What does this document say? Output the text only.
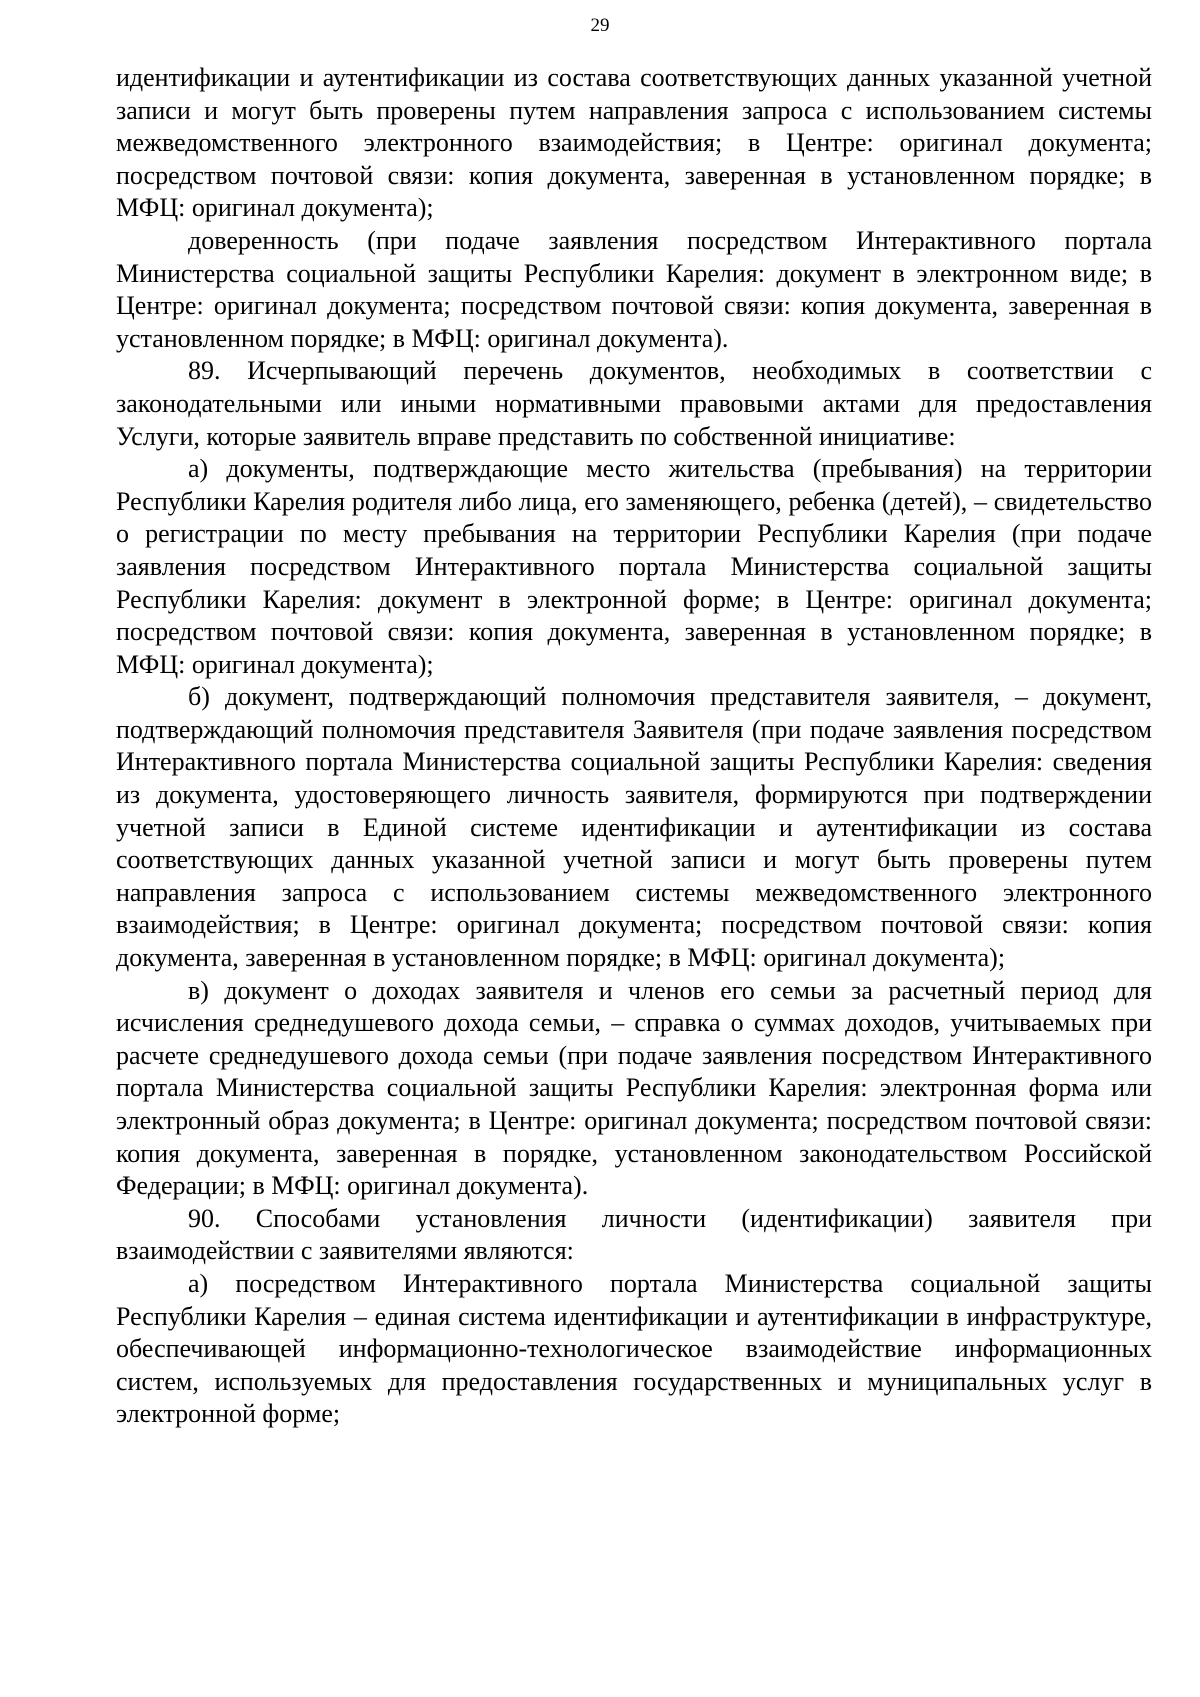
29

идентификации и аутентификации из состава соответствующих данных указанной учетной записи и могут быть проверены путем направления запроса с использованием системы межведомственного электронного взаимодействия; в Центре: оригинал документа; посредством почтовой связи: копия документа, заверенная в установленном порядке; в МФЦ: оригинал документа);

доверенность (при подаче заявления посредством Интерактивного портала Министерства социальной защиты Республики Карелия: документ в электронном виде; в Центре: оригинал документа; посредством почтовой связи: копия документа, заверенная в установленном порядке; в МФЦ: оригинал документа).

89. Исчерпывающий перечень документов, необходимых в соответствии с законодательными или иными нормативными правовыми актами для предоставления Услуги, которые заявитель вправе представить по собственной инициативе:

а) документы, подтверждающие место жительства (пребывания) на территории Республики Карелия родителя либо лица, его заменяющего, ребенка (детей), – свидетельство о регистрации по месту пребывания на территории Республики Карелия (при подаче заявления посредством Интерактивного портала Министерства социальной защиты Республики Карелия: документ в электронной форме; в Центре: оригинал документа; посредством почтовой связи: копия документа, заверенная в установленном порядке; в МФЦ: оригинал документа);

б) документ, подтверждающий полномочия представителя заявителя, – документ, подтверждающий полномочия представителя Заявителя (при подаче заявления посредством Интерактивного портала Министерства социальной защиты Республики Карелия: сведения из документа, удостоверяющего личность заявителя, формируются при подтверждении учетной записи в Единой системе идентификации и аутентификации из состава соответствующих данных указанной учетной записи и могут быть проверены путем направления запроса с использованием системы межведомственного электронного взаимодействия; в Центре: оригинал документа; посредством почтовой связи: копия документа, заверенная в установленном порядке; в МФЦ: оригинал документа);

в) документ о доходах заявителя и членов его семьи за расчетный период для исчисления среднедушевого дохода семьи, – справка о суммах доходов, учитываемых при расчете среднедушевого дохода семьи (при подаче заявления посредством Интерактивного портала Министерства социальной защиты Республики Карелия: электронная форма или электронный образ документа; в Центре: оригинал документа; посредством почтовой связи: копия документа, заверенная в порядке, установленном законодательством Российской Федерации; в МФЦ: оригинал документа).

90. Способами установления личности (идентификации) заявителя при взаимодействии с заявителями являются:

а) посредством Интерактивного портала Министерства социальной защиты Республики Карелия – единая система идентификации и аутентификации в инфраструктуре, обеспечивающей информационно-технологическое взаимодействие информационных систем, используемых для предоставления государственных и муниципальных услуг в электронной форме;
